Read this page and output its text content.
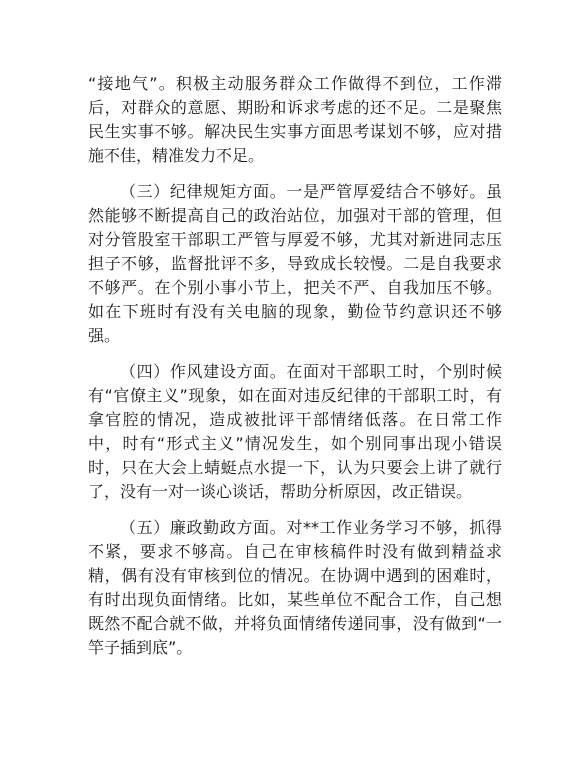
“接地气”。积极主动服务群众工作做得不到位，工作滞后，对群众的意愿、期盼和诉求考虑的还不足。二是聚焦民生实事不够。解决民生实事方面思考谋划不够，应对措施不佳，精准发力不足。

（三）纪律规矩方面。一是严管厚爱结合不够好。虽然能够不断提高自己的政治站位，加强对干部的管理，但对分管股室干部职工严管与厚爱不够，尤其对新进同志压担子不够，监督批评不多，导致成长较慢。二是自我要求不够严。在个别小事小节上，把关不严、自我加压不够。如在下班时有没有关电脑的现象，勤俭节约意识还不够强。

（四）作风建设方面。在面对干部职工时，个别时候有“官僚主义”现象，如在面对违反纪律的干部职工时，有拿官腔的情况，造成被批评干部情绪低落。在日常工作中，时有“形式主义”情况发生，如个别同事出现小错误时，只在大会上蜻蜓点水提一下，认为只要会上讲了就行了，没有一对一谈心谈话，帮助分析原因，改正错误。

（五）廉政勤政方面。对**工作业务学习不够，抓得不紧，要求不够高。自己在审核稿件时没有做到精益求精，偶有没有审核到位的情况。在协调中遇到的困难时，有时出现负面情绪。比如，某些单位不配合工作，自己想既然不配合就不做，并将负面情绪传递同事，没有做到“一竿子插到底”。
